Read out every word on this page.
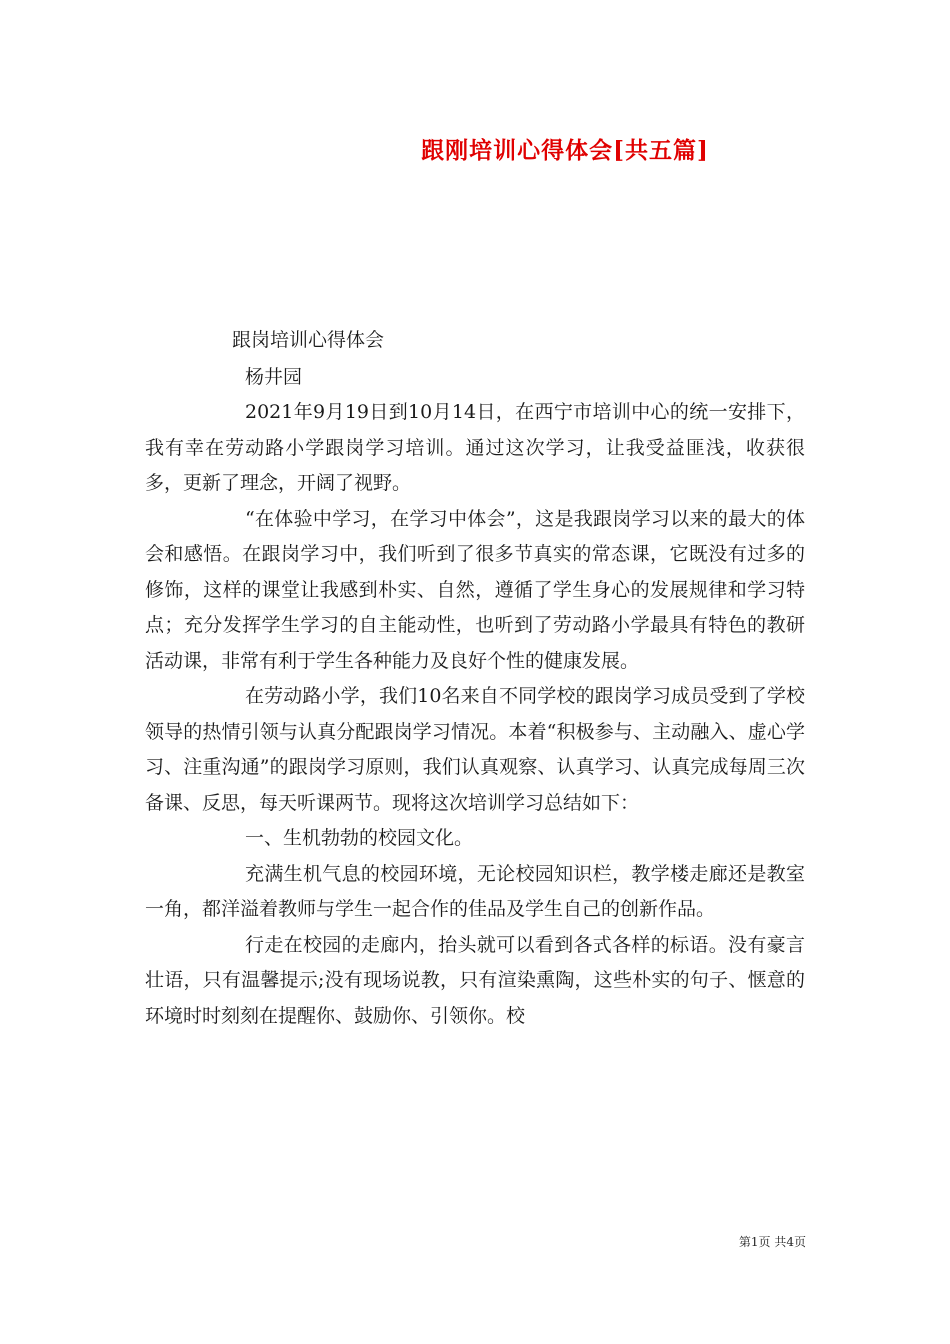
跟刚培训心得体会[共五篇]
跟岗培训心得体会
杨井园

2021年9月19日到10月14日，在西宁市培训中心的统一安排下，我有幸在劳动路小学跟岗学习培训。通过这次学习，让我受益匪浅，收获很多，更新了理念，开阔了视野。

“在体验中学习，在学习中体会”，这是我跟岗学习以来的最大的体会和感悟。在跟岗学习中，我们听到了很多节真实的常态课，它既没有过多的修饰，这样的课堂让我感到朴实、自然，遵循了学生身心的发展规律和学习特点；充分发挥学生学习的自主能动性，也听到了劳动路小学最具有特色的教研活动课，非常有利于学生各种能力及良好个性的健康发展。

在劳动路小学，我们10名来自不同学校的跟岗学习成员受到了学校领导的热情引领与认真分配跟岗学习情况。本着“积极参与、主动融入、虚心学习、注重沟通”的跟岗学习原则，我们认真观察、认真学习、认真完成每周三次备课、反思，每天听课两节。现将这次培训学习总结如下：

一、生机勃勃的校园文化。

充满生机气息的校园环境，无论校园知识栏，教学楼走廊还是教室一角，都洋溢着教师与学生一起合作的佳品及学生自己的创新作品。

行走在校园的走廊内，抬头就可以看到各式各样的标语。没有豪言壮语，只有温馨提示;没有现场说教，只有渲染熏陶，这些朴实的句子、惬意的环境时时刻刻在提醒你、鼓励你、引领你。校

第1页 共4页
